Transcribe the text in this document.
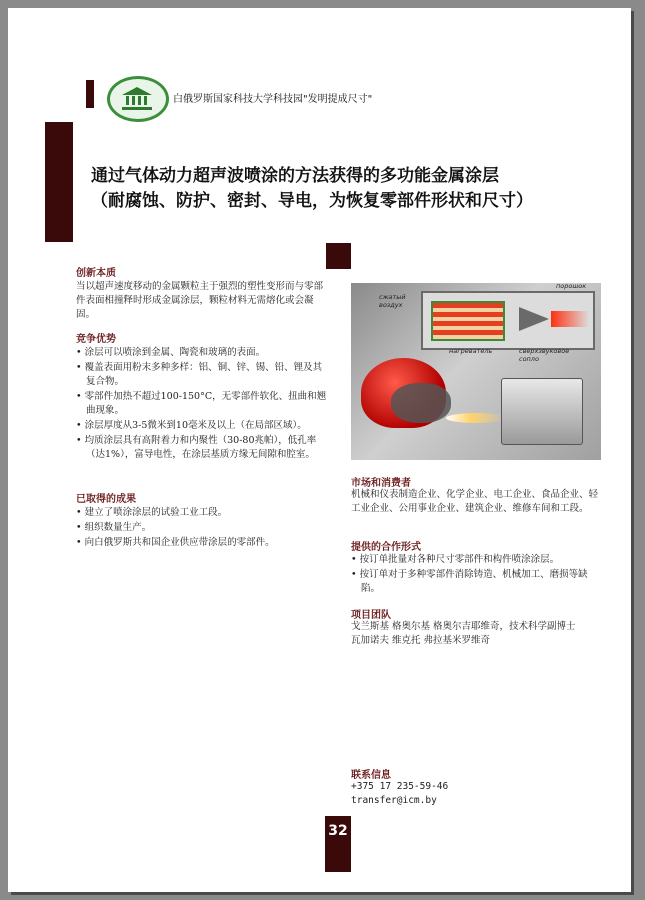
白俄罗斯国家科技大学科技园"发明提成尺寸"
通过气体动力超声波喷涂的方法获得的多功能金属涂层
（耐腐蚀、防护、密封、导电，为恢复零部件形状和尺寸）
创新本质
当以超声速度移动的金属颗粒主于强烈的塑性变形而与零部件表面相撞释时形成金属涂层，颗粒材料无需熔化或会凝固。
竞争优势
• 涂层可以喷涂到金属、陶瓷和玻璃的表面。
• 覆盖表面用粉末多种多样：铝、铜、锌、锡、铅、锂及其复合物。
• 零部件加热不超过100-150°C，无零部件软化、扭曲和翘曲现象。
• 涂层厚度从3-5微米到10毫米及以上（在局部区域）。
• 均质涂层具有高附着力和内聚性（30-80兆帕），低孔率（达1%），富导电性，在涂层基质方缘无间隙和腔室。
已取得的成果
• 建立了喷涂涂层的试验工业工段。
• 组织数量生产。
• 向白俄罗斯共和国企业供应带涂层的零部件。
сжатый воздух
порошок
нагреватель	сверхзвуковое сопло
市场和消费者
机械和仪表制造企业、化学企业、电工企业、食品企业、轻工业企业、公用事业企业、建筑企业、维修车间和工段。
提供的合作形式
• 按订单批量对各种尺寸零部件和构件喷涂涂层。
• 按订单对于多种零部件消除铸造、机械加工、磨损等缺陷。
项目团队
戈兰斯基 格奥尔基 格奥尔吉耶维奇，技术科学副博士
瓦加诺夫 维克托 弗拉基米罗维奇
联系信息
+375 17 235-59-46
transfer@icm.by
32
